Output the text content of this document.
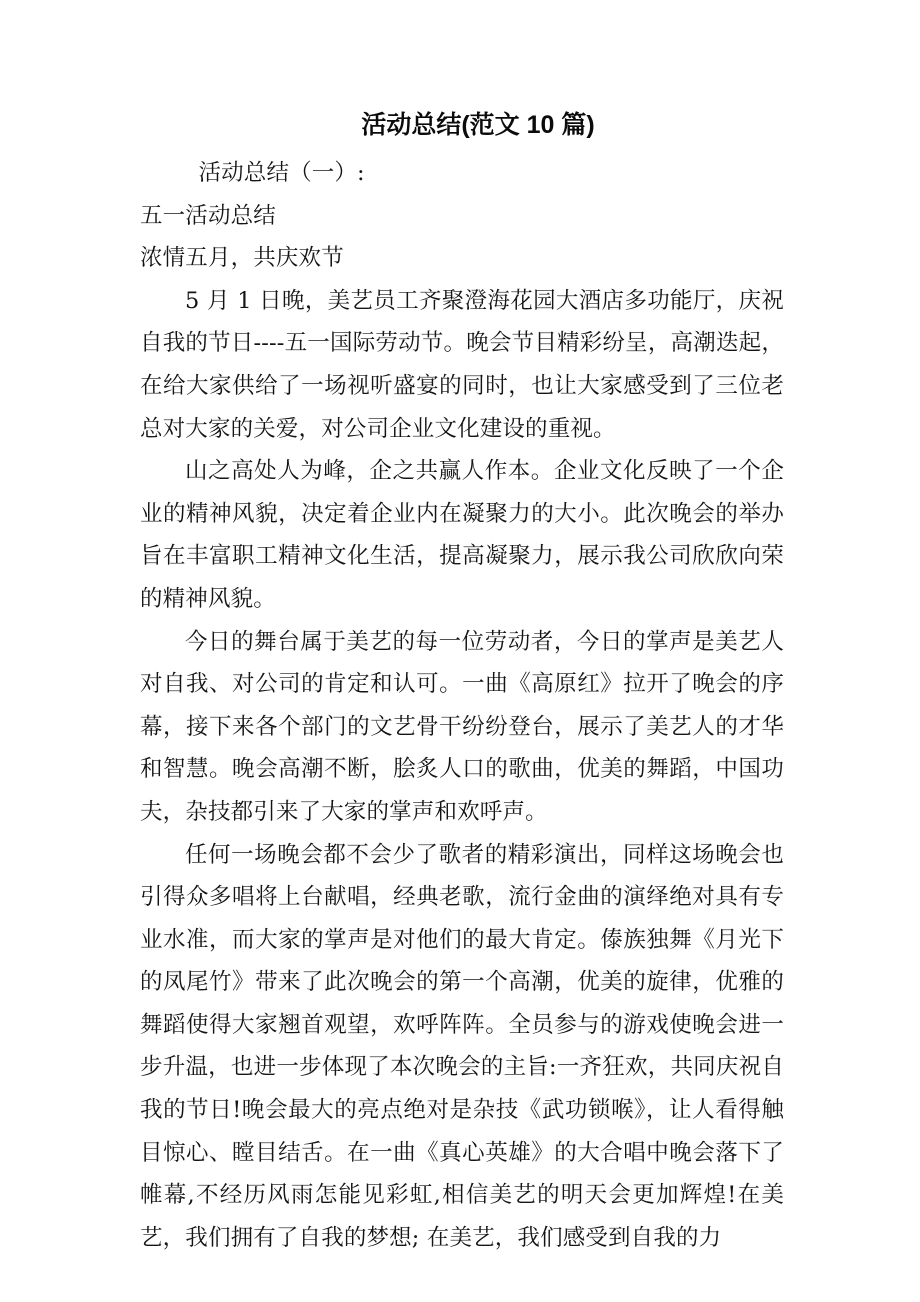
活动总结(范文 10 篇)

活动总结（一）:

五一活动总结

浓情五月，共庆欢节

5 月 1 日晚，美艺员工齐聚澄海花园大酒店多功能厅，庆祝自我的节日----五一国际劳动节。晚会节目精彩纷呈，高潮迭起，在给大家供给了一场视听盛宴的同时，也让大家感受到了三位老总对大家的关爱，对公司企业文化建设的重视。

山之高处人为峰，企之共赢人作本。企业文化反映了一个企业的精神风貌，决定着企业内在凝聚力的大小。此次晚会的举办旨在丰富职工精神文化生活，提高凝聚力，展示我公司欣欣向荣的精神风貌。

今日的舞台属于美艺的每一位劳动者，今日的掌声是美艺人对自我、对公司的肯定和认可。一曲《高原红》拉开了晚会的序幕，接下来各个部门的文艺骨干纷纷登台，展示了美艺人的才华和智慧。晚会高潮不断，脍炙人口的歌曲，优美的舞蹈，中国功夫，杂技都引来了大家的掌声和欢呼声。

任何一场晚会都不会少了歌者的精彩演出，同样这场晚会也引得众多唱将上台献唱，经典老歌，流行金曲的演绎绝对具有专业水准，而大家的掌声是对他们的最大肯定。傣族独舞《月光下的凤尾竹》带来了此次晚会的第一个高潮，优美的旋律，优雅的舞蹈使得大家翘首观望，欢呼阵阵。全员参与的游戏使晚会进一步升温，也进一步体现了本次晚会的主旨:一齐狂欢，共同庆祝自我的节日!晚会最大的亮点绝对是杂技《武功锁喉》，让人看得触目惊心、瞠目结舌。在一曲《真心英雄》的大合唱中晚会落下了帷幕,不经历风雨怎能见彩虹,相信美艺的明天会更加辉煌!在美艺，我们拥有了自我的梦想; 在美艺，我们感受到自我的力
